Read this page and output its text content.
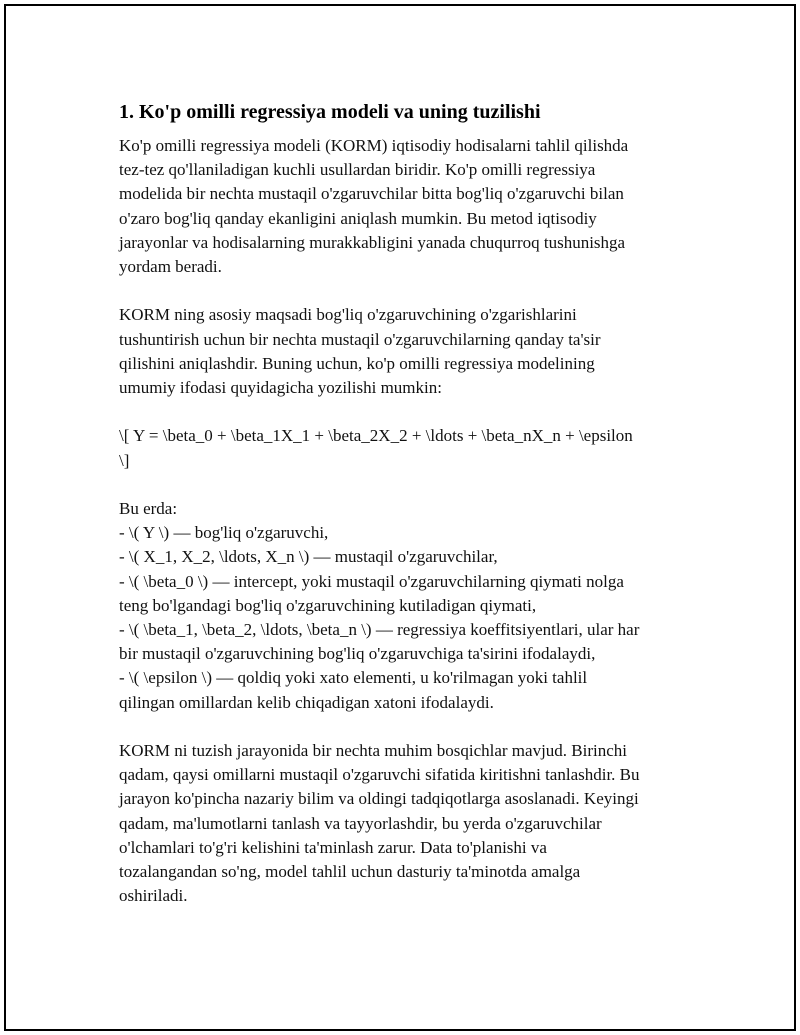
1. Ko'p omilli regressiya modeli va uning tuzilishi

Ko'p omilli regressiya modeli (KORM) iqtisodiy hodisalarni tahlil qilishda
tez-tez qo'llaniladigan kuchli usullardan biridir. Ko'p omilli regressiya
modelida bir nechta mustaqil o'zgaruvchilar bitta bog'liq o'zgaruvchi bilan
o'zaro bog'liq qanday ekanligini aniqlash mumkin. Bu metod iqtisodiy
jarayonlar va hodisalarning murakkabligini yanada chuqurroq tushunishga
yordam beradi.

KORM ning asosiy maqsadi bog'liq o'zgaruvchining o'zgarishlarini
tushuntirish uchun bir nechta mustaqil o'zgaruvchilarning qanday ta'sir
qilishini aniqlashdir. Buning uchun, ko'p omilli regressiya modelining
umumiy ifodasi quyidagicha yozilishi mumkin:

\[ Y = \beta_0 + \beta_1X_1 + \beta_2X_2 + \ldots + \beta_nX_n + \epsilon
\]

Bu erda:
- \( Y \) — bog'liq o'zgaruvchi,
- \( X_1, X_2, \ldots, X_n \) — mustaqil o'zgaruvchilar,
- \( \beta_0 \) — intercept, yoki mustaqil o'zgaruvchilarning qiymati nolga
teng bo'lgandagi bog'liq o'zgaruvchining kutiladigan qiymati,
- \( \beta_1, \beta_2, \ldots, \beta_n \) — regressiya koeffitsiyentlari, ular har
bir mustaqil o'zgaruvchining bog'liq o'zgaruvchiga ta'sirini ifodalaydi,
- \( \epsilon \) — qoldiq yoki xato elementi, u ko'rilmagan yoki tahlil
qilingan omillardan kelib chiqadigan xatoni ifodalaydi.

KORM ni tuzish jarayonida bir nechta muhim bosqichlar mavjud. Birinchi
qadam, qaysi omillarni mustaqil o'zgaruvchi sifatida kiritishni tanlashdir. Bu
jarayon ko'pincha nazariy bilim va oldingi tadqiqotlarga asoslanadi. Keyingi
qadam, ma'lumotlarni tanlash va tayyorlashdir, bu yerda o'zgaruvchilar
o'lchamlari to'g'ri kelishini ta'minlash zarur. Data to'planishi va
tozalangandan so'ng, model tahlil uchun dasturiy ta'minotda amalga
oshiriladi.
